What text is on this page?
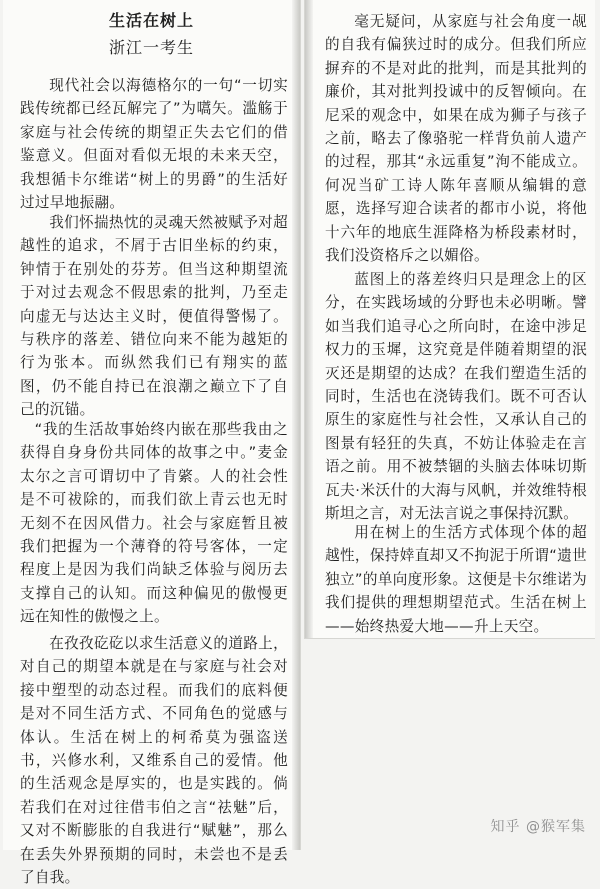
生活在树上
浙江一考生

现代社会以海德格尔的一句“一切实践传统都已经瓦解完了”为嚆矢。滥觞于家庭与社会传统的期望正失去它们的借鉴意义。但面对看似无垠的未来天空，我想循卡尔维诺“树上的男爵”的生活好过过早地振翮。

我们怀揣热忱的灵魂天然被赋予对超越性的追求，不屑于古旧坐标的约束，钟情于在别处的芬芳。但当这种期望流于对过去观念不假思索的批判，乃至走向虚无与达达主义时，便值得警惕了。与秩序的落差、错位向来不能为越矩的行为张本。而纵然我们已有翔实的蓝图，仍不能自持已在浪潮之巅立下了自己的沉锚。

“我的生活故事始终内嵌在那些我由之获得自身身份共同体的故事之中。”麦金太尔之言可谓切中了肯綮。人的社会性是不可祓除的，而我们欲上青云也无时无刻不在因风借力。社会与家庭暂且被我们把握为一个薄脊的符号客体，一定程度上是因为我们尚缺乏体验与阅历去支撑自己的认知。而这种偏见的傲慢更远在知性的傲慢之上。

在孜孜矻矻以求生活意义的道路上，对自己的期望本就是在与家庭与社会对接中塑型的动态过程。而我们的底料便是对不同生活方式、不同角色的觉感与体认。生活在树上的柯希莫为强盗送书，兴修水利，又维系自己的爱情。他的生活观念是厚实的，也是实践的。倘若我们在对过往借韦伯之言“祛魅”后，又对不断膨胀的自我进行“赋魅”，那么在丢失外界预期的同时，未尝也不是丢了自我。

毫无疑问，从家庭与社会角度一觇的自我有偏狭过时的成分。但我们所应摒弃的不是对此的批判，而是其批判的廉价，其对批判投诚中的反智倾向。在尼采的观念中，如果在成为狮子与孩子之前，略去了像骆驼一样背负前人遗产的过程，那其“永远重复”洵不能成立。何况当矿工诗人陈年喜顺从编辑的意愿，选择写迎合读者的都市小说，将他十六年的地底生涯降格为桥段素材时，我们没资格斥之以媚俗。

蓝图上的落差终归只是理念上的区分，在实践场域的分野也未必明晰。譬如当我们追寻心之所向时，在途中涉足权力的玉墀，这究竟是伴随着期望的泯灭还是期望的达成？在我们塑造生活的同时，生活也在浇铸我们。既不可否认原生的家庭性与社会性，又承认自己的图景有轻狂的失真，不妨让体验走在言语之前。用不被禁锢的头脑去体味切斯瓦夫·米沃什的大海与风帆，并效维特根斯坦之言，对无法言说之事保持沉默。

用在树上的生活方式体现个体的超越性，保持婞直却又不拘泥于所谓“遗世独立”的单向度形象。这便是卡尔维诺为我们提供的理想期望范式。生活在树上——始终热爱大地——升上天空。

知乎 @猴军集
